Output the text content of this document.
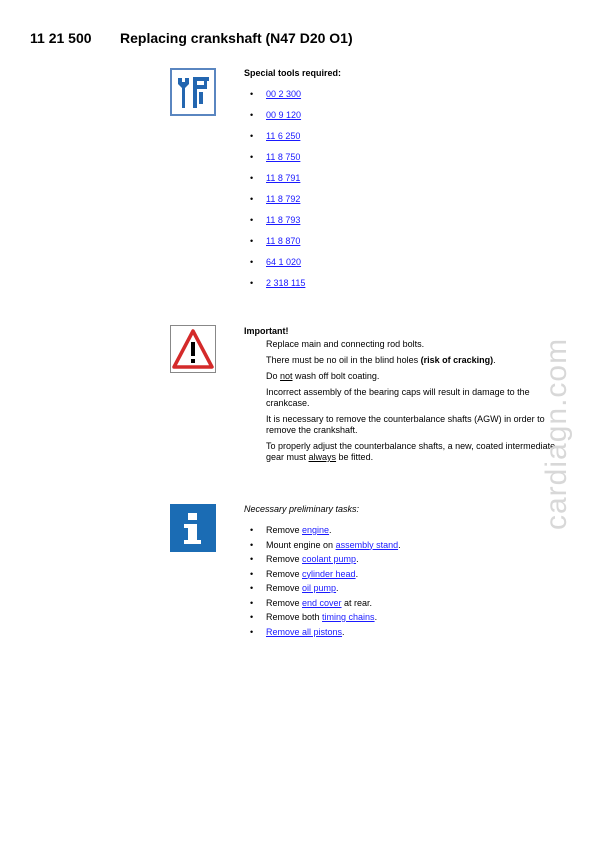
11 21 500 Replacing crankshaft (N47 D20 O1)
Special tools required:
• 00 2 300
• 00 9 120
• 11 6 250
• 11 8 750
• 11 8 791
• 11 8 792
• 11 8 793
• 11 8 870
• 64 1 020
• 2 318 115
Important!

Replace main and connecting rod bolts.

There must be no oil in the blind holes (risk of cracking).

Do not wash off bolt coating.

Incorrect assembly of the bearing caps will result in damage to the crankcase.

It is necessary to remove the counterbalance shafts (AGW) in order to remove the crankshaft.

To properly adjust the counterbalance shafts, a new, coated intermediate gear must always be fitted.

Necessary preliminary tasks:
• Remove engine.
• Mount engine on assembly stand.
• Remove coolant pump.
• Remove cylinder head.
• Remove oil pump.
• Remove end cover at rear.
• Remove both timing chains.
• Remove all pistons.
cardiagn.com
